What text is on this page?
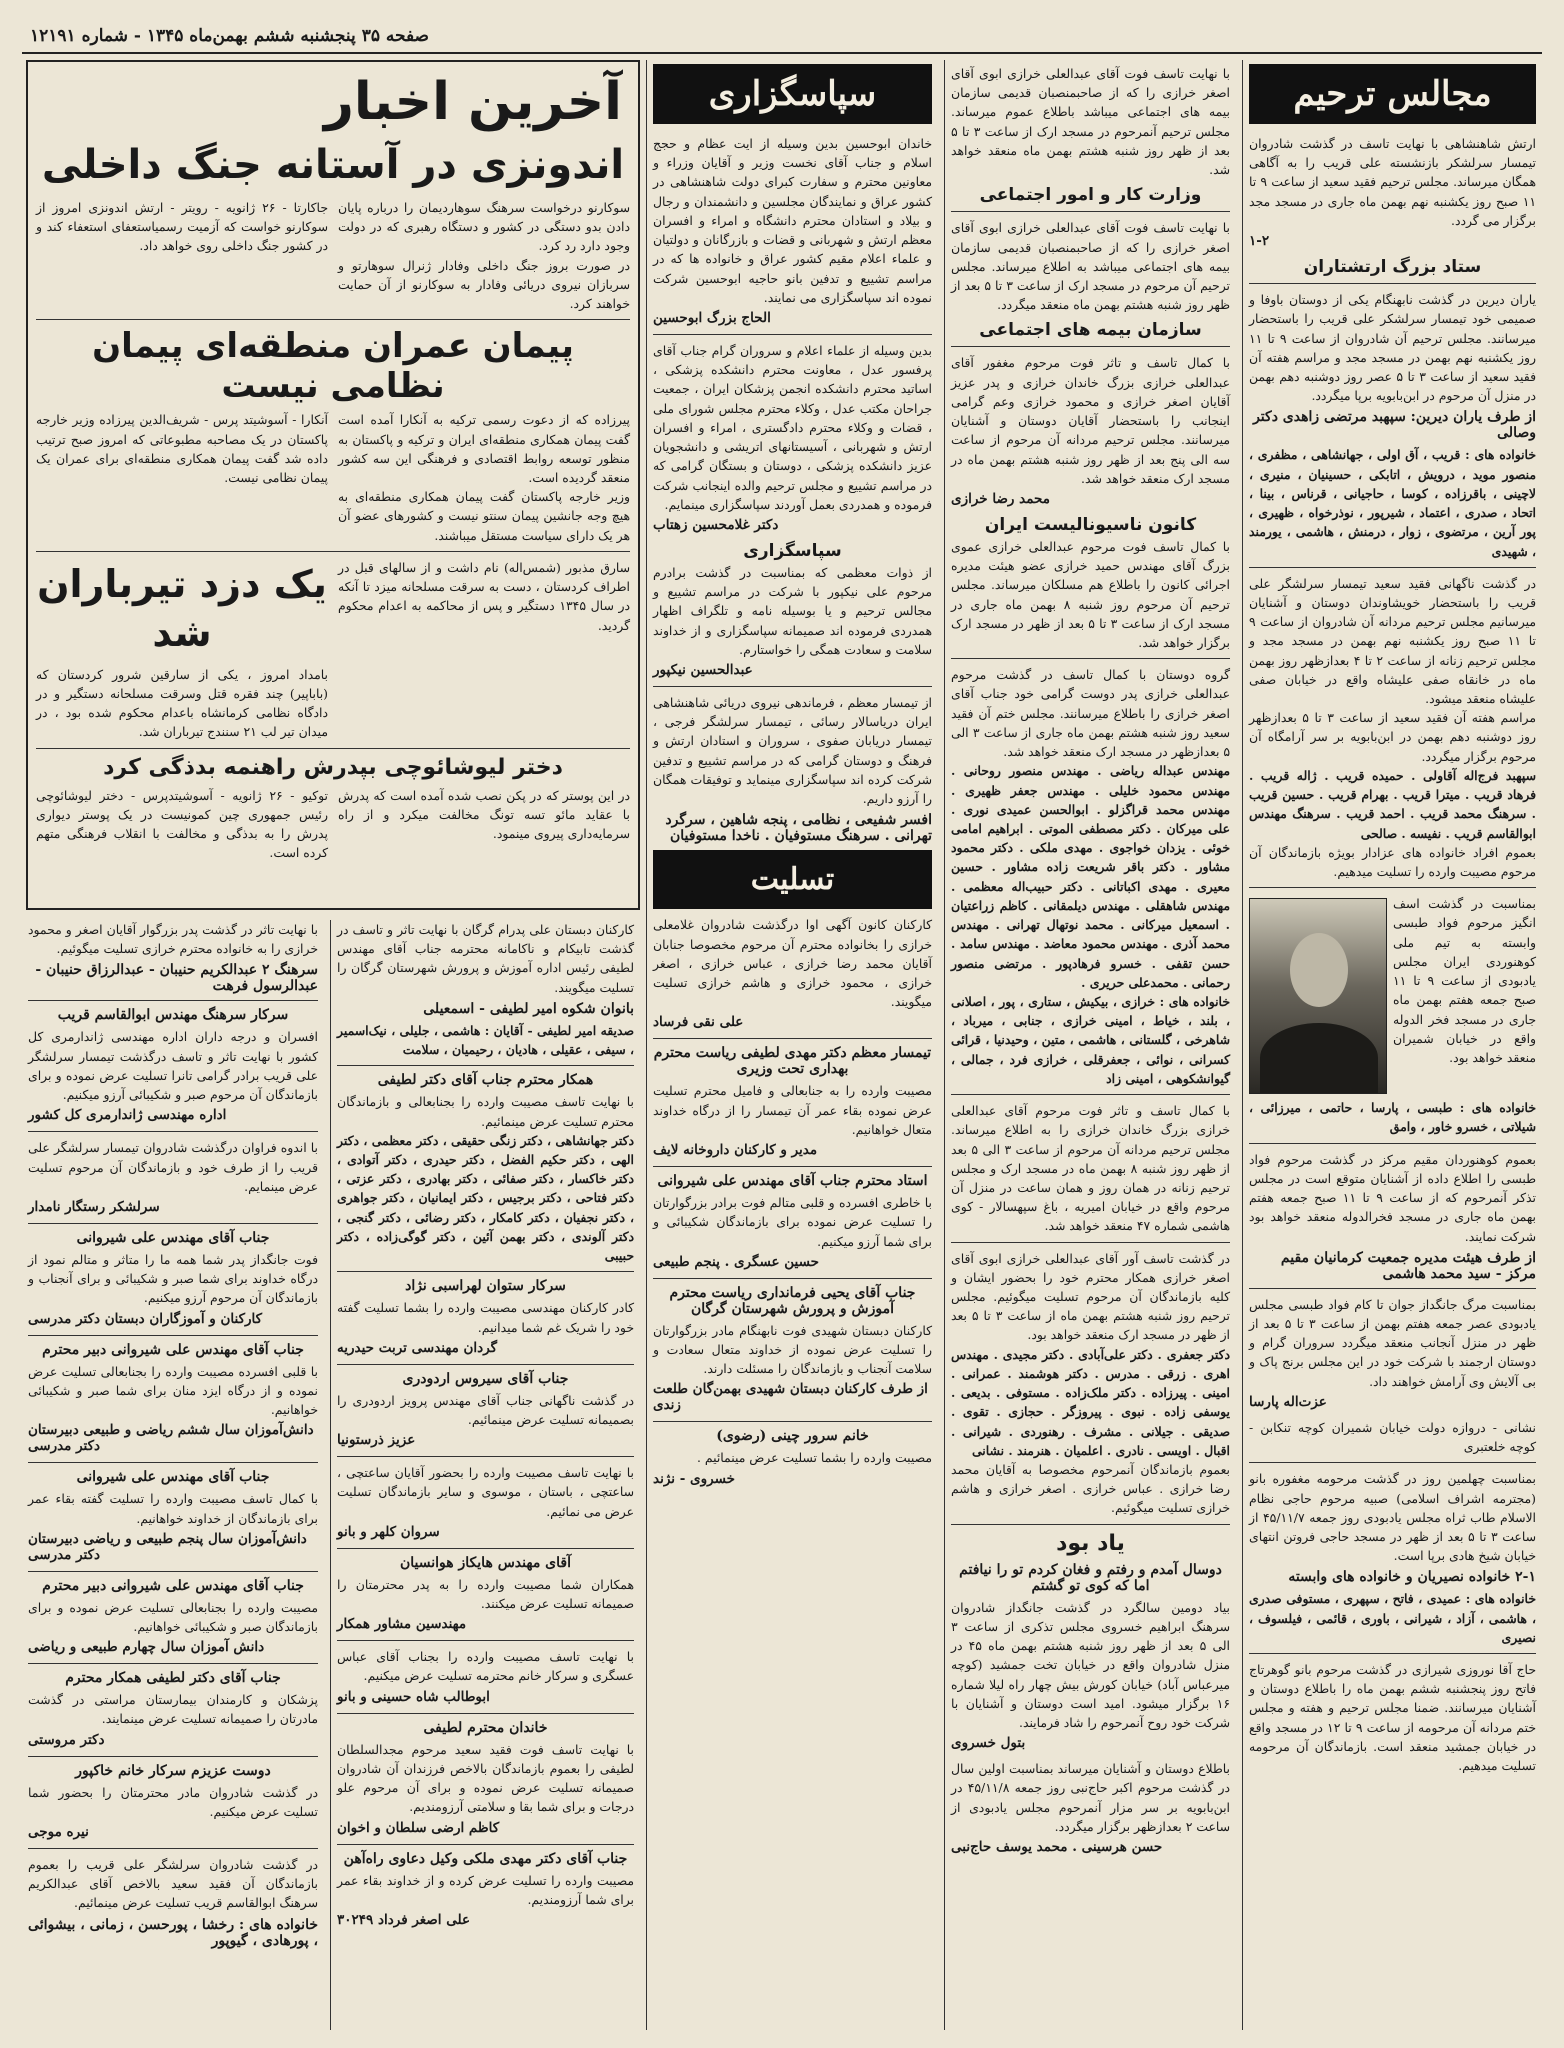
صفحه ۳۵ پنجشنبه ششم بهمن‌ماه ۱۳۴۵ - شماره ۱۲۱۹۱
مجالس ترحیم
ارتش شاهنشاهی با نهایت تاسف در گذشت شادروان تیمسار سرلشکر بازنشسته علی قریب را به آگاهی همگان میرساند. مجلس ترحیم فقید سعید از ساعت ۹ تا ۱۱ صبح روز یکشنبه نهم بهمن ماه جاری در مسجد مجد برگزار می گردد.
۱-۲
ستاد بزرگ ارتشتاران
یاران دیرین در گذشت نابهنگام یکی از دوستان باوفا و صمیمی خود تیمسار سرلشکر علی قریب را باستحضار میرسانند. مجلس ترحیم آن شادروان از ساعت ۹ تا ۱۱ روز یکشنبه نهم بهمن در مسجد مجد و مراسم هفته آن فقید سعید از ساعت ۳ تا ۵ عصر روز دوشنبه دهم بهمن در منزل آن مرحوم در ابن‌بابویه برپا میگردد.
از طرف یاران دیرین: سپهبد مرتضی زاهدی دکتر وصالی
خانواده های : قریب ، آق اولی ، جهانشاهی ، مظفری ، منصور موید ، درویش ، اتابکی ، حسینیان ، منیری ، لاچینی ، باقرزاده ، کوسا ، حاجیانی ، قرناس ، بینا ، اتحاد ، صدری ، اعتماد ، شیرپور ، نوذرخواه ، ظهیری ، پور آرین ، مرتضوی ، زوار ، درمنش ، هاشمی ، یورمند ، شهیدی
در گذشت ناگهانی فقید سعید تیمسار سرلشگر علی قریب را باستحضار خویشاوندان دوستان و آشنایان میرسانیم مجلس ترحیم مردانه آن شادروان از ساعت ۹ تا ۱۱ صبح روز یکشنبه نهم بهمن در مسجد مجد و مجلس ترحیم زنانه از ساعت ۲ تا ۴ بعدازظهر روز بهمن ماه در خانقاه صفی علیشاه واقع در خیابان صفی علیشاه منعقد میشود.
مراسم هفته آن فقید سعید از ساعت ۳ تا ۵ بعدازظهر روز دوشنبه دهم بهمن در ابن‌بابویه بر سر آرامگاه آن مرحوم برگزار میگردد.
سپهبد فرج‌اله آقاولی . حمیده قریب . ژاله قریب . فرهاد قریب . میترا قریب . بهرام قریب . حسین قریب . سرهنگ محمد قریب . احمد قریب . سرهنگ مهندس ابوالقاسم قریب . نفیسه . صالحی
بعموم افراد خانواده های عزادار بویژه بازماندگان آن مرحوم مصیبت وارده را تسلیت میدهیم.
بمناسبت در گذشت اسف انگیز مرحوم فواد طبسی وابسته به تیم ملی کوهنوردی ایران مجلس یادبودی از ساعت ۹ تا ۱۱ صبح جمعه هفتم بهمن ماه جاری در مسجد فخر الدوله واقع در خیابان شمیران منعقد خواهد بود.
خانواده های : طبسی ، پارسا ، حاتمی ، میرزائی ، شیلاتی ، خسرو خاور ، وامق
بعموم کوهنوردان مقیم مرکز در گذشت مرحوم فواد طبسی را اطلاع داده از آشنایان متوقع است در مجلس تذکر آنمرحوم که از ساعت ۹ تا ۱۱ صبح جمعه هفتم بهمن ماه جاری در مسجد فخرالدوله منعقد خواهد بود شرکت نمایند.
از طرف هیئت مدیره جمعیت کرمانیان مقیم مرکز - سید محمد هاشمی
بمناسبت مرگ جانگداز جوان تا کام فواد طبسی مجلس یادبودی عصر جمعه هفتم بهمن از ساعت ۳ تا ۵ بعد از ظهر در منزل آنجانب منعقد میگردد سروران گرام و دوستان ارجمند با شرکت خود در این مجلس برنج پاک و بی آلایش وی آرامش خواهند داد.
عزت‌اله پارسا
نشانی - دروازه دولت خیابان شمیران کوچه تنکابن - کوچه خلعتبری
بمناسبت چهلمین روز در گذشت مرحومه مغفوره بانو (مجترمه اشراف اسلامی) صبیه مرحوم حاجی نظام الاسلام طاب ثراه مجلس یادبودی روز جمعه ۴۵/۱۱/۷ از ساعت ۳ تا ۵ بعد از ظهر در مسجد حاجی فروتن انتهای خیابان شیخ هادی برپا است.
۲-۱ خانواده نصیریان و خانواده های وابسته
خانواده های : عمیدی ، فاتح ، سپهری ، مستوفی صدری ، هاشمی ، آزاد ، شیرانی ، باوری ، قائمی ، فیلسوف ، نصیری
حاج آقا نوروزی شیرازی در گذشت مرحوم بانو گوهرتاج فاتح روز پنجشنبه ششم بهمن ماه را باطلاع دوستان و آشنایان میرسانند. ضمنا مجلس ترحیم و هفته و مجلس ختم مردانه آن مرحومه از ساعت ۹ تا ۱۲ در مسجد واقع در خیابان جمشید منعقد است. بازماندگان آن مرحومه تسلیت میدهیم.
با نهایت تاسف فوت آقای عبدالعلی خرازی ابوی آقای اصغر خرازی را که از صاحبمنصبان قدیمی سازمان بیمه های اجتماعی میباشد باطلاع عموم میرساند. مجلس ترحیم آنمرحوم در مسجد ارک از ساعت ۳ تا ۵ بعد از ظهر روز شنبه هشتم بهمن ماه منعقد خواهد شد.
وزارت کار و امور اجتماعی
با نهایت تاسف فوت آقای عبدالعلی خرازی ابوی آقای اصغر خرازی را که از صاحبمنصبان قدیمی سازمان بیمه های اجتماعی میباشد به اطلاع میرساند. مجلس ترحیم آن مرحوم در مسجد ارک از ساعت ۳ تا ۵ بعد از ظهر روز شنبه هشتم بهمن ماه منعقد میگردد.
سازمان بیمه های اجتماعی
با کمال تاسف و تاثر فوت مرحوم مغفور آقای عبدالعلی خرازی بزرگ خاندان خرازی و پدر عزیز آقایان اصغر خرازی و محمود خرازی وعم گرامی اینجانب را باستحضار آقایان دوستان و آشنایان میرسانند. مجلس ترحیم مردانه آن مرحوم از ساعت سه الی پنج بعد از ظهر روز شنبه هشتم بهمن ماه در مسجد ارک منعقد خواهد شد.
محمد رضا خرازی
کانون ناسیونالیست ایران
با کمال تاسف فوت مرحوم عبدالعلی خرازی عموی بزرگ آقای مهندس حمید خرازی عضو هیئت مدیره اجرائی کانون را باطلاع هم مسلکان میرساند. مجلس ترحیم آن مرحوم روز شنبه ۸ بهمن ماه جاری در مسجد ارک از ساعت ۳ تا ۵ بعد از ظهر در مسجد ارک برگزار خواهد شد.
گروه دوستان با کمال تاسف در گذشت مرحوم عبدالعلی خرازی پدر دوست گرامی خود جناب آقای اصغر خرازی را باطلاع میرسانند. مجلس ختم آن فقید سعید روز شنبه هشتم بهمن ماه جاری از ساعت ۳ الی ۵ بعدازظهر در مسجد ارک منعقد خواهد شد.
مهندس عبداله ریاضی . مهندس منصور روحانی . مهندس محمود خلیلی . مهندس جعفر ظهیری . مهندس محمد قراگزلو . ابوالحسن عمیدی نوری . علی میرکان . دکتر مصطفی الموتی . ابراهیم امامی خوئی . یزدان خواجوی . مهدی ملکی . دکتر محمود مشاور . دکتر باقر شریعت زاده مشاور . حسین معیری . مهدی اکباتانی . دکتر حبیب‌اله معظمی . مهندس شاهقلی . مهندس دیلمقانی . کاظم زراعتیان . اسمعیل میرکانی . محمد نوتهال تهرانی . مهندس محمد آذری . مهندس محمود معاضد . مهندس سامد . حسن تقفی . خسرو فرهادپور . مرتضی منصور رحمانی . محمدعلی حریری .
خانواده های : خرازی ، بیکیش ، ستاری ، پور ، اصلانی ، بلند ، خیاط ، امینی خرازی ، جنابی ، میرباد ، شاهرخی ، گلستانی ، هاشمی ، متین ، وحیدنیا ، قرائی کسرانی ، نوائی ، جعفرقلی ، خرازی فرد ، جمالی ، گیوانشکوهی ، امینی زاد
با کمال تاسف و تاثر فوت مرحوم آقای عبدالعلی خرازی بزرگ خاندان خرازی را به اطلاع میرساند. مجلس ترحیم مردانه آن مرحوم از ساعت ۳ الی ۵ بعد از ظهر روز شنبه ۸ بهمن ماه در مسجد ارک و مجلس ترحیم زنانه در همان روز و همان ساعت در منزل آن مرحوم واقع در خیابان امیریه ، باغ سپهسالار - کوی هاشمی شماره ۴۷ منعقد خواهد شد.
در گذشت تاسف آور آقای عبدالعلی خرازی ابوی آقای اصغر خرازی همکار محترم خود را بحضور ایشان و کلیه بازماندگان آن مرحوم تسلیت میگوئیم. مجلس ترحیم روز شنبه هشتم بهمن ماه از ساعت ۳ تا ۵ بعد از ظهر در مسجد ارک منعقد خواهد بود.
دکتر جعفری . دکتر علی‌آبادی . دکتر مجیدی . مهندس اهری . زرقی . مدرس . دکتر هوشمند . عمرانی . امینی . پیرزاده . دکتر ملک‌زاده . مستوفی . بدیعی . یوسفی زاده . نبوی . پیروزگر . حجازی . تقوی . صدیقی . جیلانی . مشرف . رهنوردی . شیرانی . اقبال . اویسی . نادری . اعلمیان . هنرمند . نشانی
بعموم بازماندگان آنمرحوم مخصوصا به آقایان محمد رضا خرازی . عباس خرازی . اصغر خرازی و هاشم خرازی تسلیت میگوئیم.
یاد بود
دوسال آمدم و رفتم و فغان کردم تو را نیافتم اما که کوی تو گشتم
بیاد دومین سالگرد در گذشت جانگداز شادروان سرهنگ ابراهیم خسروی مجلس تذکری از ساعت ۳ الی ۵ بعد از ظهر روز شنبه هشتم بهمن ماه ۴۵ در منزل شادروان واقع در خیابان تخت جمشید (کوچه میرعباس آباد) خیابان کورش بیش چهار راه لیلا شماره ۱۶ برگزار میشود. امید است دوستان و آشنایان با شرکت خود روح آنمرحوم را شاد فرمایند.
بتول خسروی
باطلاع دوستان و آشنایان میرساند بمناسبت اولین سال در گذشت مرحوم اکبر حاج‌نبی روز جمعه ۴۵/۱۱/۸ در ابن‌بابویه بر سر مزار آنمرحوم مجلس یادبودی از ساعت ۲ بعدازظهر برگزار میگردد.
حسن هرسینی . محمد یوسف حاج‌نبی
سپاسگزاری
خاندان ابوحسین بدین وسیله از ایت عظام و حجج اسلام و جناب آقای نخست وزیر و آقایان وزراء و معاونین محترم و سفارت کبرای دولت شاهنشاهی در کشور عراق و نمایندگان مجلسین و دانشمندان و رجال و بیلاد و استادان محترم دانشگاه و امراء و افسران معظم ارتش و شهربانی و قضات و بازرگانان و دولتیان و علماء اعلام مقیم کشور عراق و خانواده ها که در مراسم تشییع و تدفین بانو حاجیه ابوحسین شرکت نموده اند سپاسگزاری می نمایند.
الحاج بزرگ ابوحسین
بدین وسیله از علماء اعلام و سروران گرام جناب آقای پرفسور عدل ، معاونت محترم دانشکده پزشکی ، اساتید محترم دانشکده انجمن پزشکان ایران ، جمعیت جراحان مکتب عدل ، وکلاء محترم مجلس شورای ملی ، قضات و وکلاء محترم دادگستری ، امراء و افسران ارتش و شهربانی ، آسیستانهای اتریشی و دانشجویان عزیز دانشکده پزشکی ، دوستان و بستگان گرامی که در مراسم تشییع و مجلس ترحیم والده اینجانب شرکت فرموده و همدردی بعمل آوردند سپاسگزاری مینمایم.
دکتر غلامحسین زهتاب
سپاسگزاری
از ذوات معظمی که بمناسبت در گذشت برادرم مرحوم علی نیکپور با شرکت در مراسم تشییع و مجالس ترحیم و یا بوسیله نامه و تلگراف اظهار همدردی فرموده اند صمیمانه سپاسگزاری و از خداوند سلامت و سعادت همگی را خواستارم.
عبدالحسین نیکپور
از تیمسار معظم ، فرماندهی نیروی دریائی شاهنشاهی ایران دریاسالار رسائی ، تیمسار سرلشگر فرجی ، تیمسار دریابان صفوی ، سروران و استادان ارتش و فرهنگ و دوستان گرامی که در مراسم تشییع و تدفین شرکت کرده اند سپاسگزاری مینماید و توفیقات همگان را آرزو داریم.
افسر شفیعی ، نظامی ، پنجه شاهین ، سرگرد تهرانی . سرهنگ مستوفیان . ناخدا مستوفیان
تسلیت
کارکنان کانون آگهی اوا درگذشت شادروان غلامعلی خرازی را بخانواده محترم آن مرحوم مخصوصا جنابان آقایان محمد رضا خرازی ، عباس خرازی ، اصغر خرازی ، محمود خرازی و هاشم خرازی تسلیت میگویند.
علی نقی فرساد
تیمسار معظم دکتر مهدی لطیفی ریاست محترم بهداری تحت وزیری
مصیبت وارده را به جنابعالی و فامیل محترم تسلیت عرض نموده بقاء عمر آن تیمسار را از درگاه خداوند متعال خواهانیم.
مدیر و کارکنان داروخانه لایف
استاد محترم جناب آقای مهندس علی شیروانی
با خاطری افسرده و قلبی متالم فوت برادر بزرگوارتان را تسلیت عرض نموده برای بازماندگان شکیبائی و برای شما آرزو میکنیم.
حسین عسگری . پنجم طبیعی
جناب آقای یحیی فرمانداری ریاست محترم آموزش و پرورش شهرستان گرگان
کارکنان دبستان شهیدی فوت نابهنگام مادر بزرگوارتان را تسلیت عرض نموده از خداوند متعال سعادت و سلامت آنجناب و بازماندگان را مسئلت دارند.
از طرف کارکنان دبستان شهیدی بهمن‌گان طلعت زندی
خانم سرور چینی (رضوی)
مصیبت وارده را بشما تسلیت عرض مینمائیم .
خسروی - نژند
آخرین اخبار
اندونزی در آستانه جنگ داخلی
سوکارنو درخواست سرهنگ سوهاردیمان را درباره پایان دادن بدو دستگی در کشور و دستگاه رهبری که در دولت وجود دارد رد کرد.
در صورت بروز جنگ داخلی وفادار ژنرال سوهارتو و سربازان نیروی دریائی وفادار به سوکارنو از آن حمایت خواهند کرد.
جاکارتا - ۲۶ ژانویه - رویتر - ارتش اندونزی امروز از سوکارنو خواست که آزمیت رسمیاستعفای استعفاء کند و در کشور جنگ داخلی روی خواهد داد.
پیمان عمران منطقه‌ای پیمان نظامی نیست
پیرزاده که از دعوت رسمی ترکیه به آنکارا آمده است گفت پیمان همکاری منطقه‌ای ایران و ترکیه و پاکستان به منظور توسعه روابط اقتصادی و فرهنگی این سه کشور منعقد گردیده است.
وزیر خارجه پاکستان گفت پیمان همکاری منطقه‌ای به هیچ وجه جانشین پیمان سنتو نیست و کشورهای عضو آن هر یک دارای سیاست مستقل میباشند.
آنکارا - آسوشیتد پرس - شریف‌الدین پیرزاده وزیر خارجه پاکستان در یک مصاحبه مطبوعاتی که امروز صبح ترتیب داده شد گفت پیمان همکاری منطقه‌ای برای عمران یک پیمان نظامی نیست.
سارق مذبور (شمس‌اله) نام داشت و از سالهای قبل در اطراف کردستان ، دست به سرقت مسلحانه میزد تا آنکه در سال ۱۳۴۵ دستگیر و پس از محاکمه به اعدام محکوم گردید.
یک دزد تیرباران شد
بامداد امروز ، یکی از سارقین شرور کردستان که (باباپیر) چند فقره قتل وسرقت مسلحانه دستگیر و در دادگاه نظامی کرمانشاه باعدام محکوم شده بود ، در میدان تیر لب ۲۱ سنندج تیرباران شد.
دختر لیوشائوچی بپدرش راهنمه بدذگی کرد
در این پوستر که در پکن نصب شده آمده است که پدرش با عقاید مائو تسه تونگ مخالفت میکرد و از راه سرمایه‌داری پیروی مینمود.
توکیو - ۲۶ ژانویه - آسوشیتدپرس - دختر لیوشائوچی رئیس جمهوری چین کمونیست در یک پوستر دیواری پدرش را به بدذگی و مخالفت با انقلاب فرهنگی متهم کرده است.
کارکنان دبستان علی پدرام گرگان با نهایت تاثر و تاسف در گذشت تابیکام و ناکامانه محترمه جناب آقای مهندس لطیفی رئیس اداره آموزش و پرورش شهرستان گرگان را تسلیت میگویند.
بانوان شکوه امیر لطیفی - اسمعیلی
صدیقه امیر لطیفی - آقایان : هاشمی ، جلیلی ، نیک‌اسمیر ، سیفی ، عقیلی ، هادیان ، رحیمیان ، سلامت
همکار محترم جناب آقای دکتر لطیفی
با نهایت تاسف مصیبت وارده را بجنابعالی و بازماندگان محترم تسلیت عرض مینمائیم.
دکتر جهانشاهی ، دکتر زنگی حقیقی ، دکتر معظمی ، دکتر الهی ، دکتر حکیم الفضل ، دکتر حیدری ، دکتر آتوادی ، دکتر خاکسار ، دکتر صفائی ، دکتر بهادری ، دکتر عزتی ، دکتر فتاحی ، دکتر برجیس ، دکتر ایمانیان ، دکتر جواهری ، دکتر نجفیان ، دکتر کامکار ، دکتر رضائی ، دکتر گنجی ، دکتر آلوندی ، دکتر بهمن آئین ، دکتر گوگی‌زاده ، دکتر حبیبی
سرکار ستوان لهراسبی نژاد
کادر کارکنان مهندسی مصیبت وارده را بشما تسلیت گفته خود را شریک غم شما میدانیم.
گردان مهندسی تربت حیدریه
جناب آقای سیروس اردودری
در گذشت ناگهانی جناب آقای مهندس پرویز اردودری را بصمیمانه تسلیت عرض مینمائیم.
عزیز ذرستونیا
با نهایت تاسف مصیبت وارده را بحضور آقایان ساعتچی ، ساعتچی ، باستان ، موسوی و سایر بازماندگان تسلیت عرض می نمائیم.
سروان کلهر و بانو
آقای مهندس هایکاز هوانسیان
همکاران شما مصیبت وارده را به پدر محترمتان را صمیمانه تسلیت عرض میکنند.
مهندسین مشاور همکار
با نهایت تاسف مصیبت وارده را بجناب آقای عباس عسگری و سرکار خانم محترمه تسلیت عرض میکنیم.
ابوطالب شاه حسینی و بانو
خاندان محترم لطیفی
با نهایت تاسف فوت فقید سعید مرحوم مجدالسلطان لطیفی را بعموم بازماندگان بالاخص فرزندان آن شادروان صمیمانه تسلیت عرض نموده و برای آن مرحوم علو درجات و برای شما بقا و سلامتی آرزومندیم.
کاظم ارضی سلطان و اخوان
جناب آقای دکتر مهدی ملکی وکیل دعاوی راه‌آهن
مصیبت وارده را تسلیت عرض کرده و از خداوند بقاء عمر برای شما آرزومندیم.
علی اصغر فرداد ۳۰۲۴۹
با نهایت تاثر در گذشت پدر بزرگوار آقایان اصغر و محمود خرازی را به خانواده محترم خرازی تسلیت میگوئیم.
سرهنگ ۲ عبدالکریم حنیبان - عبدالرزاق حنیبان - عبدالرسول فرهت
سرکار سرهنگ مهندس ابوالقاسم قریب
افسران و درجه داران اداره مهندسی ژاندارمری کل کشور با نهایت تاثر و تاسف درگذشت تیمسار سرلشگر علی قریب برادر گرامی تانرا تسلیت عرض نموده و برای بازماندگان آن مرحوم صبر و شکیبائی آرزو میکنیم.
اداره مهندسی ژاندارمری کل کشور
با اندوه فراوان درگذشت شادروان تیمسار سرلشگر علی قریب را از طرف خود و بازماندگان آن مرحوم تسلیت عرض مینمایم.
سرلشکر رستگار نامدار
جناب آقای مهندس علی شیروانی
فوت جانگداز پدر شما همه ما را متاثر و متالم نمود از درگاه خداوند برای شما صبر و شکیبائی و برای آنجناب و بازماندگان آن مرحوم آرزو میکنیم.
کارکنان و آموزگاران دبستان دکتر مدرسی
جناب آقای مهندس علی شیروانی دبیر محترم
با قلبی افسرده مصیبت وارده را بجنابعالی تسلیت عرض نموده و از درگاه ایزد منان برای شما صبر و شکیبائی خواهانیم.
دانش‌آموزان سال ششم ریاضی و طبیعی دبیرستان دکتر مدرسی
جناب آقای مهندس علی شیروانی
با کمال تاسف مصیبت وارده را تسلیت گفته بقاء عمر برای بازماندگان از خداوند خواهانیم.
دانش‌آموزان سال پنجم طبیعی و ریاضی دبیرستان دکتر مدرسی
جناب آقای مهندس علی شیروانی دبیر محترم
مصیبت وارده را بجنابعالی تسلیت عرض نموده و برای بازماندگان صبر و شکیبائی خواهانیم.
دانش آموزان سال چهارم طبیعی و ریاضی
جناب آقای دکتر لطیفی همکار محترم
پزشکان و کارمندان بیمارستان مراستی در گذشت مادرتان را صمیمانه تسلیت عرض مینمایند.
دکتر مروستی
دوست عزیزم سرکار خانم خاکپور
در گذشت شادروان مادر محترمتان را بحضور شما تسلیت عرض میکنیم.
نیره موجی
در گذشت شادروان سرلشگر علی قریب را بعموم بازماندگان آن فقید سعید بالاخص آقای عبدالکریم سرهنگ ابوالقاسم قریب تسلیت عرض مینمائیم.
خانواده های : رخشا ، پورحسن ، زمانی ، بیشوائی ، پورهادی ، گیوپور
